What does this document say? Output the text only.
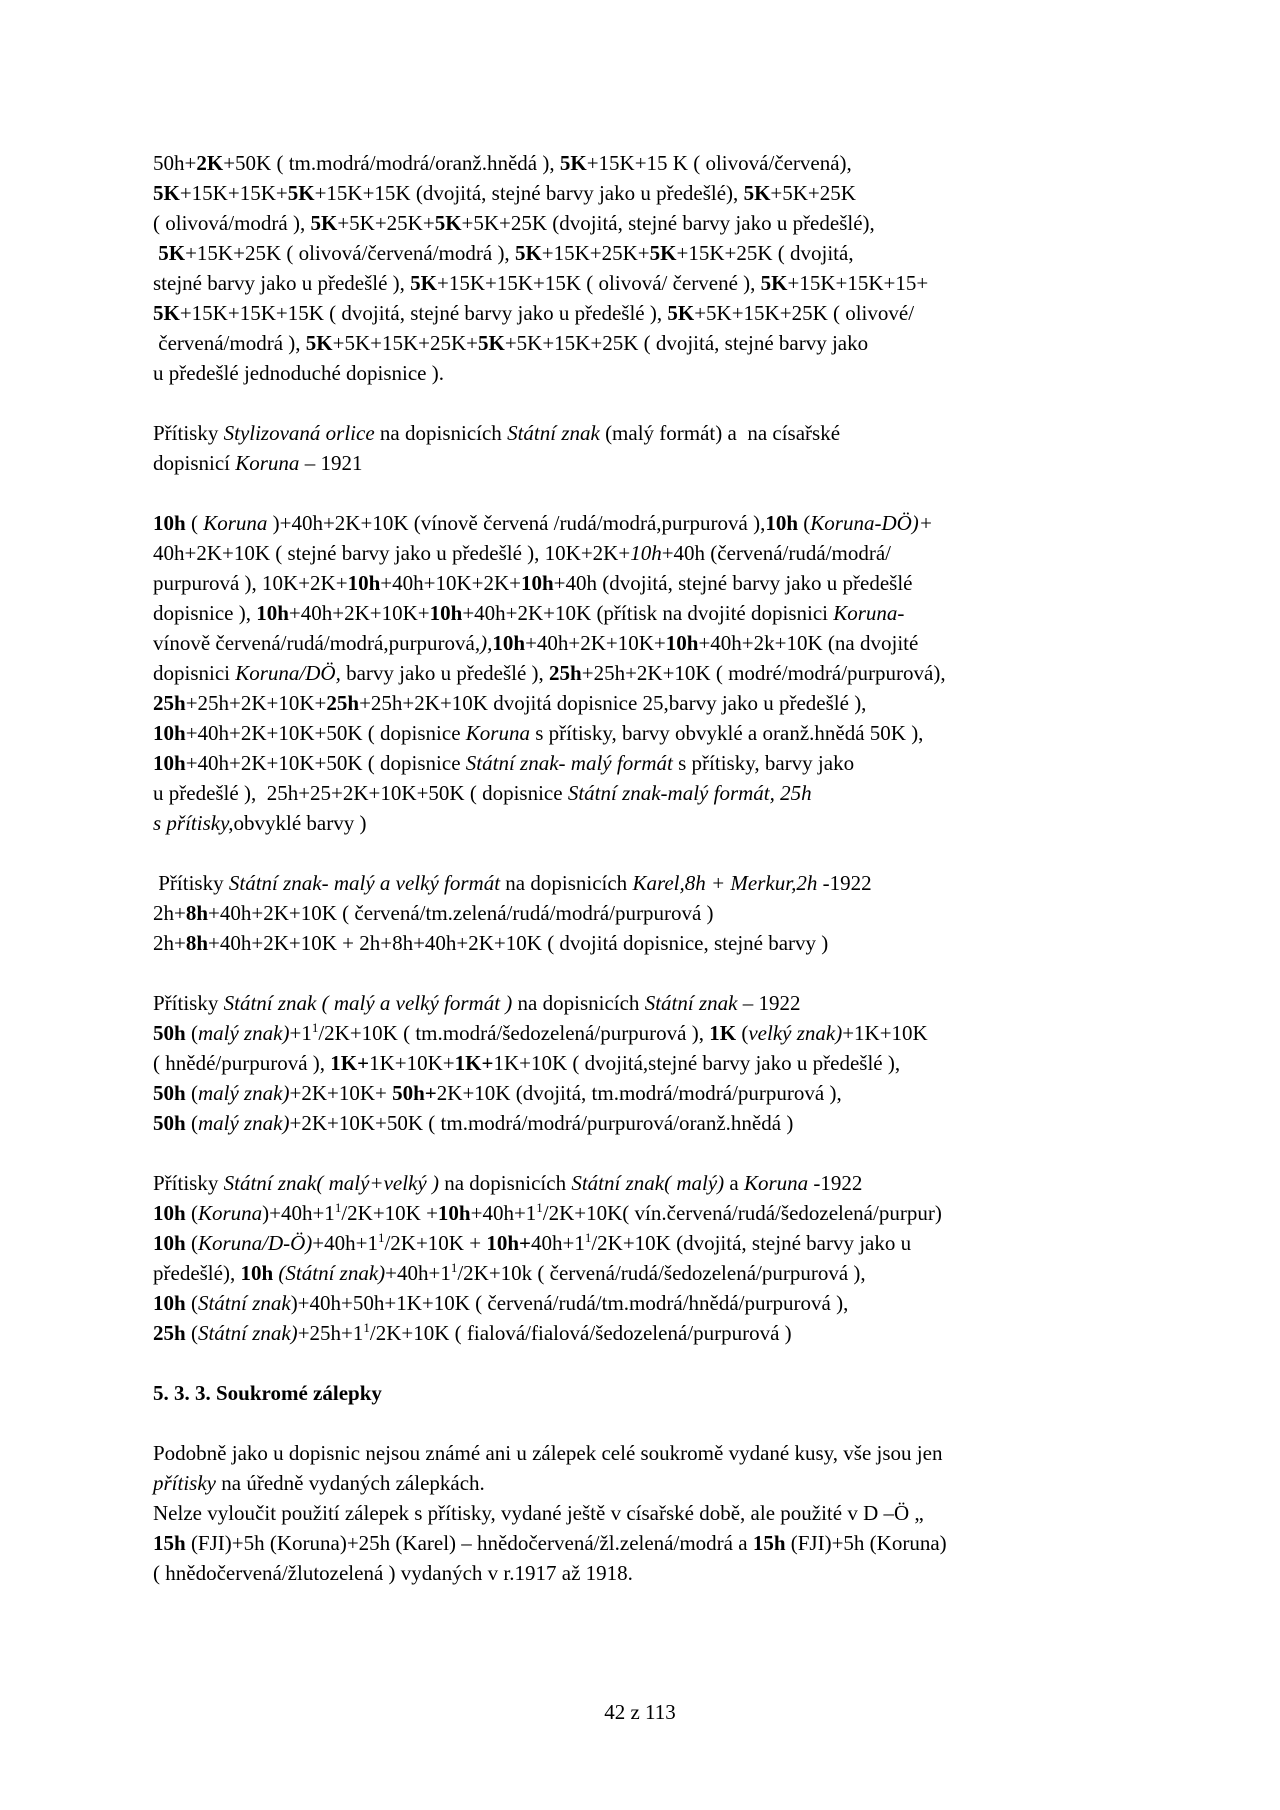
50h+2K+50K ( tm.modrá/modrá/oranž.hnědá ), 5K+15K+15 K ( olivová/červená),
5K+15K+15K+5K+15K+15K (dvojitá, stejné barvy jako u předešlé), 5K+5K+25K
( olivová/modrá ), 5K+5K+25K+5K+5K+25K (dvojitá, stejné barvy jako u předešlé),
5K+15K+25K ( olivová/červená/modrá ), 5K+15K+25K+5K+15K+25K ( dvojitá,
stejné barvy jako u předešlé ), 5K+15K+15K+15K ( olivová/ červené ), 5K+15K+15K+15+
5K+15K+15K+15K ( dvojitá, stejné barvy jako u předešlé ), 5K+5K+15K+25K ( olivové/
červená/modrá ), 5K+5K+15K+25K+5K+5K+15K+25K ( dvojitá, stejné barvy jako
u předešlé jednoduché dopisnice ).
Přítisky Stylizovaná orlice na dopisnicích Státní znak (malý formát) a  na císařské
dopisnicí Koruna – 1921
10h ( Koruna )+40h+2K+10K (vínově červená /rudá/modrá,purpurová ),10h (Koruna-DÖ)+
40h+2K+10K ( stejné barvy jako u předešlé ), 10K+2K+10h+40h (červená/rudá/modrá/
purpurová ), 10K+2K+10h+40h+10K+2K+10h+40h (dvojitá, stejné barvy jako u předešlé
dopisnice ), 10h+40h+2K+10K+10h+40h+2K+10K (přítisk na dvojité dopisnici Koruna-
vínově červená/rudá/modrá,purpurová,),10h+40h+2K+10K+10h+40h+2k+10K (na dvojité
dopisnici Koruna/DÖ, barvy jako u předešlé ), 25h+25h+2K+10K ( modré/modrá/purpurová),
25h+25h+2K+10K+25h+25h+2K+10K dvojitá dopisnice 25,barvy jako u předešlé ),
10h+40h+2K+10K+50K ( dopisnice Koruna s přítisky, barvy obvyklé a oranž.hnědá 50K ),
10h+40h+2K+10K+50K ( dopisnice Státní znak- malý formát s přítisky, barvy jako
u předešlé ),  25h+25+2K+10K+50K ( dopisnice Státní znak-malý formát, 25h
s přítisky,obvyklé barvy )
Přítisky Státní znak- malý a velký formát na dopisnicích Karel,8h + Merkur,2h -1922
2h+8h+40h+2K+10K ( červená/tm.zelená/rudá/modrá/purpurová )
2h+8h+40h+2K+10K + 2h+8h+40h+2K+10K ( dvojitá dopisnice, stejné barvy )
Přítisky Státní znak ( malý a velký formát ) na dopisnicích Státní znak – 1922
50h (malý $znak)+1^1/2K+10K$ ( tm.modrá/šedozelená/purpurová ), 1K (velký znak)+1K+10K
( hnědé/purpurová ), 1K+1K+10K+1K+1K+10K ( dvojitá,stejné barvy jako u předešlé ),
50h (malý znak)+2K+10K+ 50h+2K+10K (dvojitá, tm.modrá/modrá/purpurová ),
50h (malý znak)+2K+10K+50K ( tm.modrá/modrá/purpurová/oranž.hnědá )
Přítisky Státní znak( malý+velký ) na dopisnicích Státní znak( malý) a Koruna -1922
10h $(Koruna)+40h+1^1/2K+10K +10h+40h+1^1/2K+10K$( vín.červená/rudá/šedozelená/purpur)
10h $(Koruna/D-Ö)+40h+1^1/2K+10K + 10h+40h+1^1/2K+10K$ (dvojitá, stejné barvy jako u
předešlé), 10h (Státní $znak)+40h+1^1/2K+10k$ ( červená/rudá/šedozelená/purpurová ),
10h (Státní znak)+40h+50h+1K+10K ( červená/rudá/tm.modrá/hnědá/purpurová ),
25h (Státní $znak)+25h+1^1/2K+10K$ ( fialová/fialová/šedozelená/purpurová )
5. 3. 3. Soukromé zálepky
Podobně jako u dopisnic nejsou známé ani u zálepek celé soukromě vydané kusy, vše jsou jen
přítisky na úředně vydaných zálepkách.
Nelze vyloučit použití zálepek s přítisky, vydané ještě v císařské době, ale použité v D –Ö „
15h (FJI)+5h (Koruna)+25h (Karel) – hnědočervená/žl.zelená/modrá a 15h (FJI)+5h (Koruna)
( hnědočervená/žlutozelená ) vydaných v r.1917 až 1918.
42 z 113
